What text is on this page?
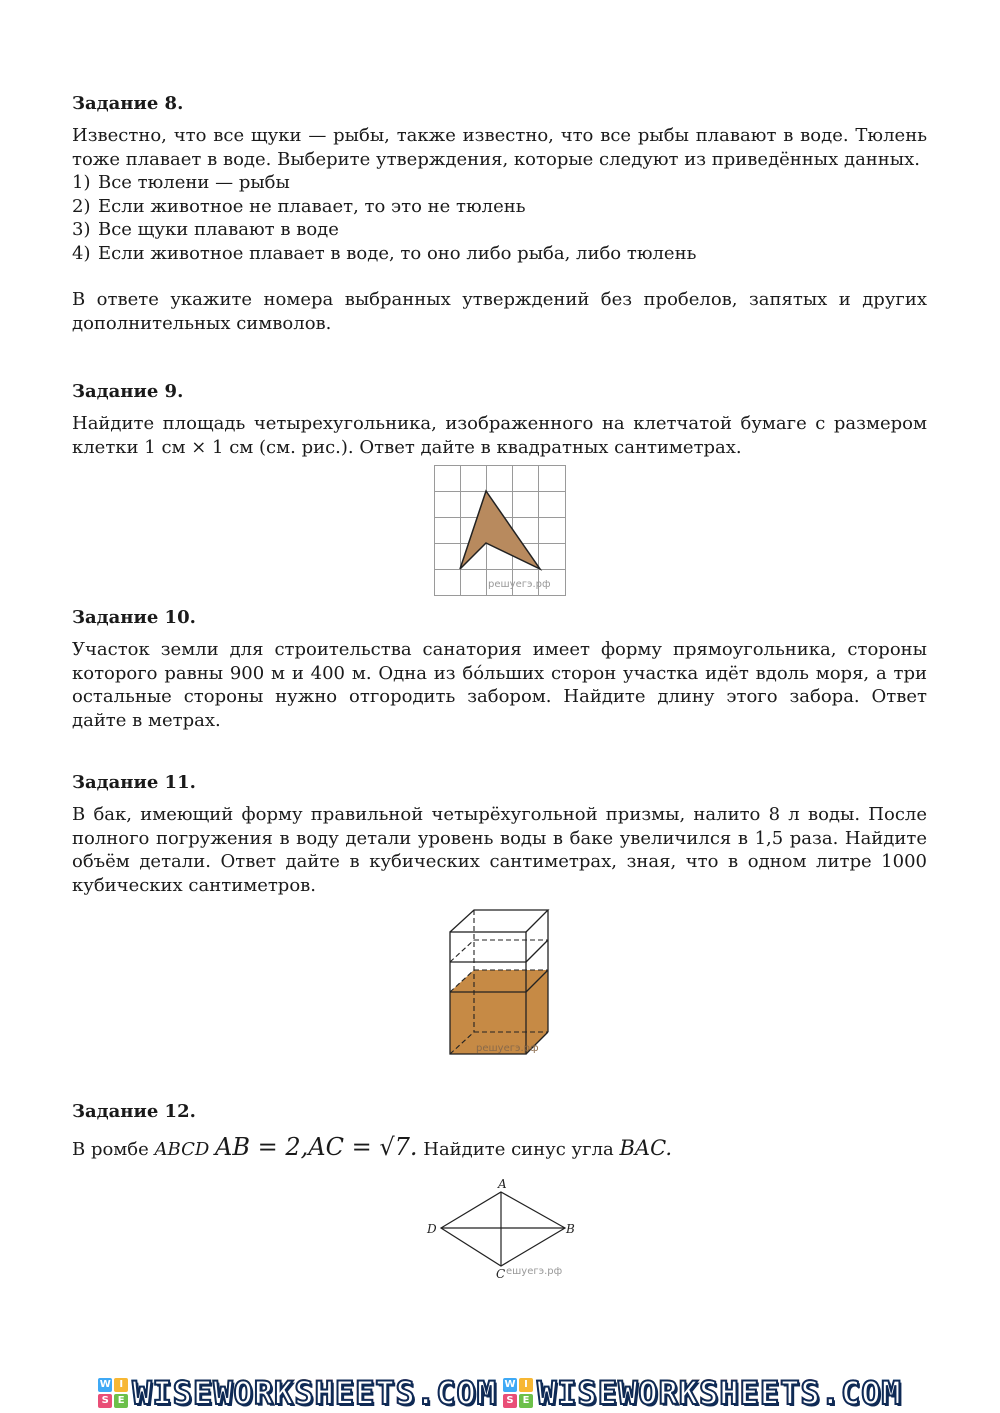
Задание 8.

Известно, что все щуки — рыбы, также известно, что все рыбы плавают в воде. Тюлень тоже плавает в воде. Выберите утверждения, которые следуют из приведённых данных.

1) Все тюлени — рыбы

2) Если животное не плавает, то это не тюлень

3) Все щуки плавают в воде

4) Если животное плавает в воде, то оно либо рыба, либо тюлень

В ответе укажите номера выбранных утверждений без пробелов, запятых и других дополнительных символов.

Задание 9.

Найдите площадь четырехугольника, изображенного на клетчатой бумаге с размером клетки 1 см × 1 см (см. рис.). Ответ дайте в квадратных сантиметрах.

решуегэ.рф

Задание 10.

Участок земли для строительства санатория имеет форму прямоугольника, стороны которого равны 900 м и 400 м. Одна из бóльших сторон участка идёт вдоль моря, а три остальные стороны нужно отгородить забором. Найдите длину этого забора. Ответ дайте в метрах.

Задание 11.

В бак, имеющий форму правильной четырёхугольной призмы, налито 8 л воды. После полного погружения в воду детали уровень воды в баке увеличился в 1,5 раза. Найдите объём детали. Ответ дайте в кубических сантиметрах, зная, что в одном литре 1000 кубических сантиметров.

решуегэ.рф

Задание 12.

В ромбе ABCD AB = 2,AC = √7. Найдите синус угла BAC.

A
B
C
D
ешуегэ.рф
W I
S E WISEWORKSHEETS.COM W I
S E WISEWORKSHEETS.COM
